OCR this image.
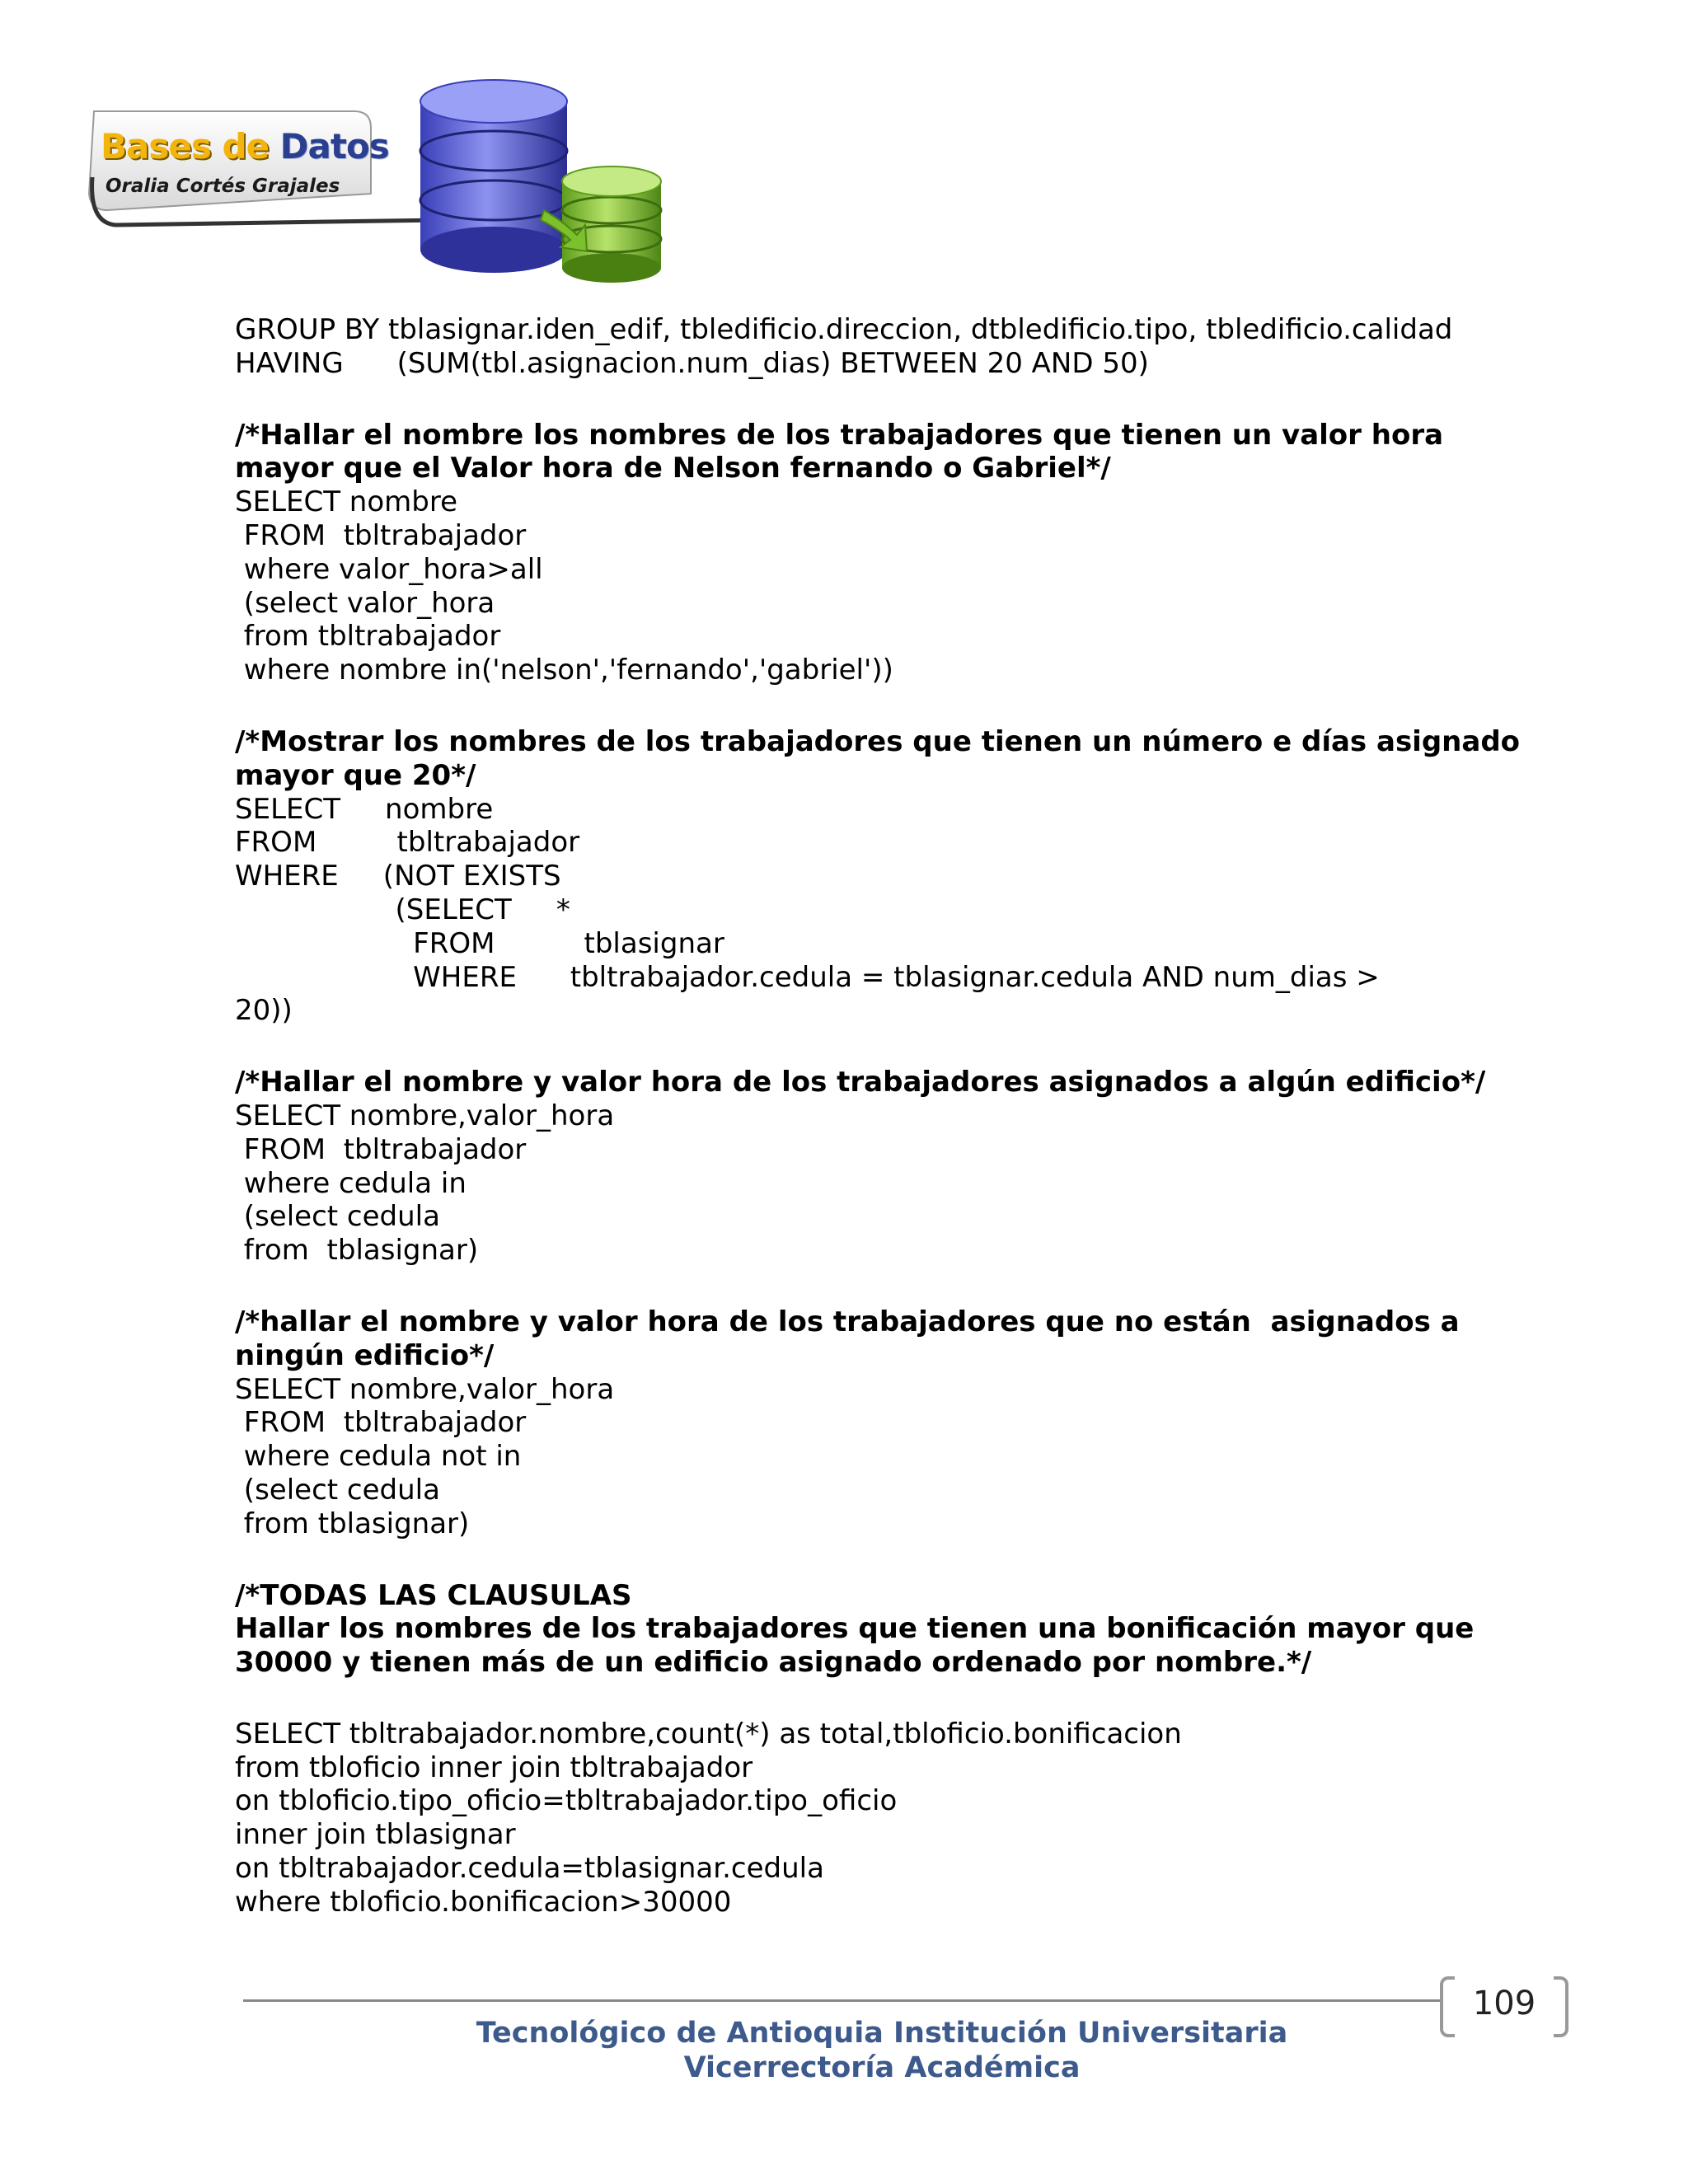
Bases de Datos
Oralia Cortés Grajales
GROUP BY tblasignar.iden_edif, tbledificio.direccion, dtbledificio.tipo, tbledificio.calidad
HAVING      (SUM(tbl.asignacion.num_dias) BETWEEN 20 AND 50)
/*Hallar el nombre los nombres de los trabajadores que tienen un valor hora
mayor que el Valor hora de Nelson fernando o Gabriel*/
SELECT nombre
FROM  tbltrabajador
where valor_hora>all
(select valor_hora
from tbltrabajador
where nombre in('nelson','fernando','gabriel'))
/*Mostrar los nombres de los trabajadores que tienen un número e días asignado
mayor que 20*/
SELECT     nombre
FROM         tbltrabajador
WHERE     (NOT EXISTS
(SELECT     *
FROM          tblasignar
WHERE      tbltrabajador.cedula = tblasignar.cedula AND num_dias >
20))
/*Hallar el nombre y valor hora de los trabajadores asignados a algún edificio*/
SELECT nombre,valor_hora
FROM  tbltrabajador
where cedula in
(select cedula
from  tblasignar)
/*hallar el nombre y valor hora de los trabajadores que no están  asignados a
ningún edificio*/
SELECT nombre,valor_hora
FROM  tbltrabajador
where cedula not in
(select cedula
from tblasignar)
/*TODAS LAS CLAUSULAS
Hallar los nombres de los trabajadores que tienen una bonificación mayor que
30000 y tienen más de un edificio asignado ordenado por nombre.*/
SELECT tbltrabajador.nombre,count(*) as total,tbloficio.bonificacion
from tbloficio inner join tbltrabajador
on tbloficio.tipo_oficio=tbltrabajador.tipo_oficio
inner join tblasignar
on tbltrabajador.cedula=tblasignar.cedula
where tbloficio.bonificacion>30000
109
Tecnológico de Antioquia Institución Universitaria
Vicerrectoría Académica
